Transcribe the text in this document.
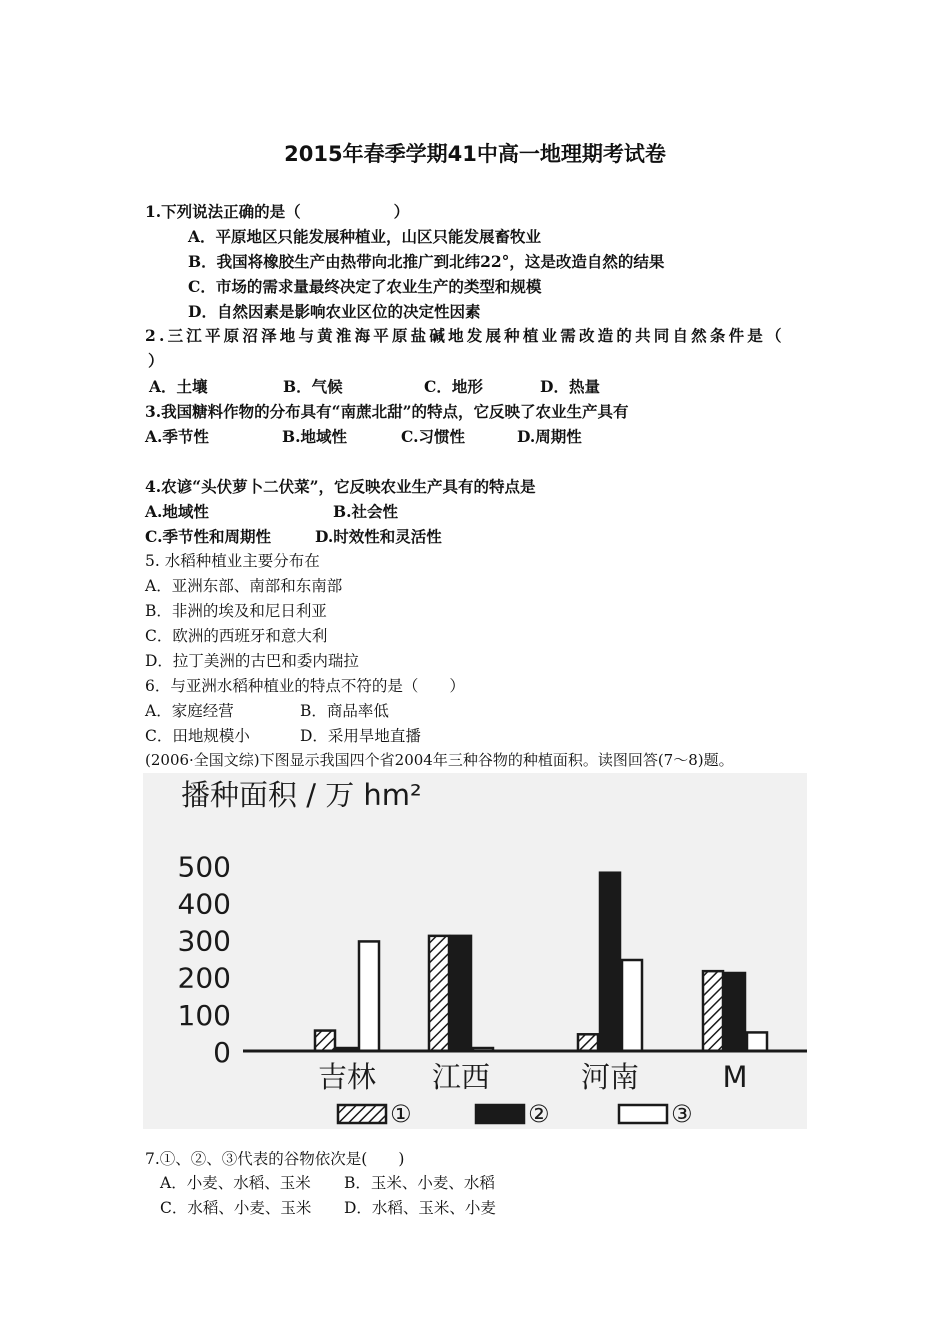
2015年春季学期41中高一地理期考试卷
1.下列说法正确的是（　　　　　　）
A．平原地区只能发展种植业，山区只能发展畜牧业
B．我国将橡胶生产由热带向北推广到北纬22°，这是改造自然的结果
C．市场的需求量最终决定了农业生产的类型和规模
D．自然因素是影响农业区位的决定性因素
2.三江平原沼泽地与黄淮海平原盐碱地发展种植业需改造的共同自然条件是（
）
A．土壤	B．气候	C．地形	D．热量
3.我国糖料作物的分布具有“南蔗北甜”的特点，它反映了农业生产具有
A.季节性	B.地域性	C.习惯性	D.周期性
4.农谚“头伏萝卜二伏菜”，它反映农业生产具有的特点是
A.地域性	B.社会性
C.季节性和周期性	D.时效性和灵活性
5. 水稻种植业主要分布在
A．亚洲东部、南部和东南部
B．非洲的埃及和尼日利亚
C．欧洲的西班牙和意大利
D．拉丁美洲的古巴和委内瑞拉
6．与亚洲水稻种植业的特点不符的是（　　）
A．家庭经营	B．商品率低
C．田地规模小	D．采用旱地直播
(2006·全国文综)下图显示我国四个省2004年三种谷物的种植面积。读图回答(7～8)题。
播种面积 / 万 hm²
0
100
200
300
400
500
吉林 江西	河南	M
①	②	③
7.①、②、③代表的谷物依次是(　　)
A．小麦、水稻、玉米 B．玉米、小麦、水稻
C．水稻、小麦、玉米 D．水稻、玉米、小麦
